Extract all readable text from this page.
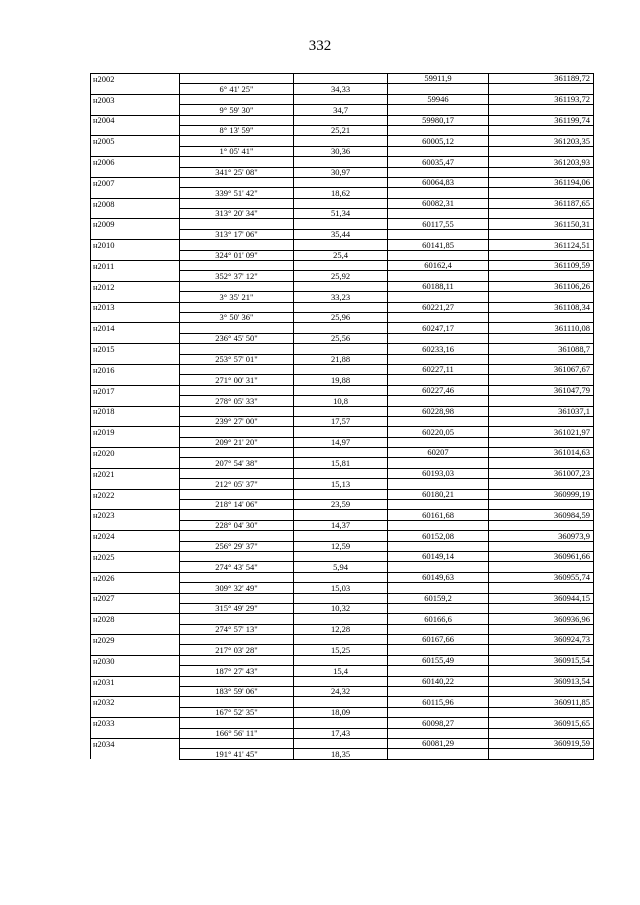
332
н2002			59911,9	361189,72
	6° 41' 25"	34,33		
н2003			59946	361193,72
	9° 59' 30"	34,7		
н2004			59980,17	361199,74
	8° 13' 59"	25,21		
н2005			60005,12	361203,35
	1° 05' 41"	30,36		
н2006			60035,47	361203,93
	341° 25' 08"	30,97		
н2007			60064,83	361194,06
	339° 51' 42"	18,62		
н2008			60082,31	361187,65
	313° 20' 34"	51,34		
н2009			60117,55	361150,31
	313° 17' 06"	35,44		
н2010			60141,85	361124,51
	324° 01' 09"	25,4		
н2011			60162,4	361109,59
	352° 37' 12"	25,92		
н2012			60188,11	361106,26
	3° 35' 21"	33,23		
н2013			60221,27	361108,34
	3° 50' 36"	25,96		
н2014			60247,17	361110,08
	236° 45' 50"	25,56		
н2015			60233,16	361088,7
	253° 57' 01"	21,88		
н2016			60227,11	361067,67
	271° 00' 31"	19,88		
н2017			60227,46	361047,79
	278° 05' 33"	10,8		
н2018			60228,98	361037,1
	239° 27' 00"	17,57		
н2019			60220,05	361021,97
	209° 21' 20"	14,97		
н2020			60207	361014,63
	207° 54' 38"	15,81		
н2021			60193,03	361007,23
	212° 05' 37"	15,13		
н2022			60180,21	360999,19
	218° 14' 06"	23,59		
н2023			60161,68	360984,59
	228° 04' 30"	14,37		
н2024			60152,08	360973,9
	256° 29' 37"	12,59		
н2025			60149,14	360961,66
	274° 43' 54"	5,94		
н2026			60149,63	360955,74
	309° 32' 49"	15,03		
н2027			60159,2	360944,15
	315° 49' 29"	10,32		
н2028			60166,6	360936,96
	274° 57' 13"	12,28		
н2029			60167,66	360924,73
	217° 03' 28"	15,25		
н2030			60155,49	360915,54
	187° 27' 43"	15,4		
н2031			60140,22	360913,54
	183° 59' 06"	24,32		
н2032			60115,96	360911,85
	167° 52' 35"	18,09		
н2033			60098,27	360915,65
	166° 56' 11"	17,43		
н2034			60081,29	360919,59
	191° 41' 45"	18,35		
